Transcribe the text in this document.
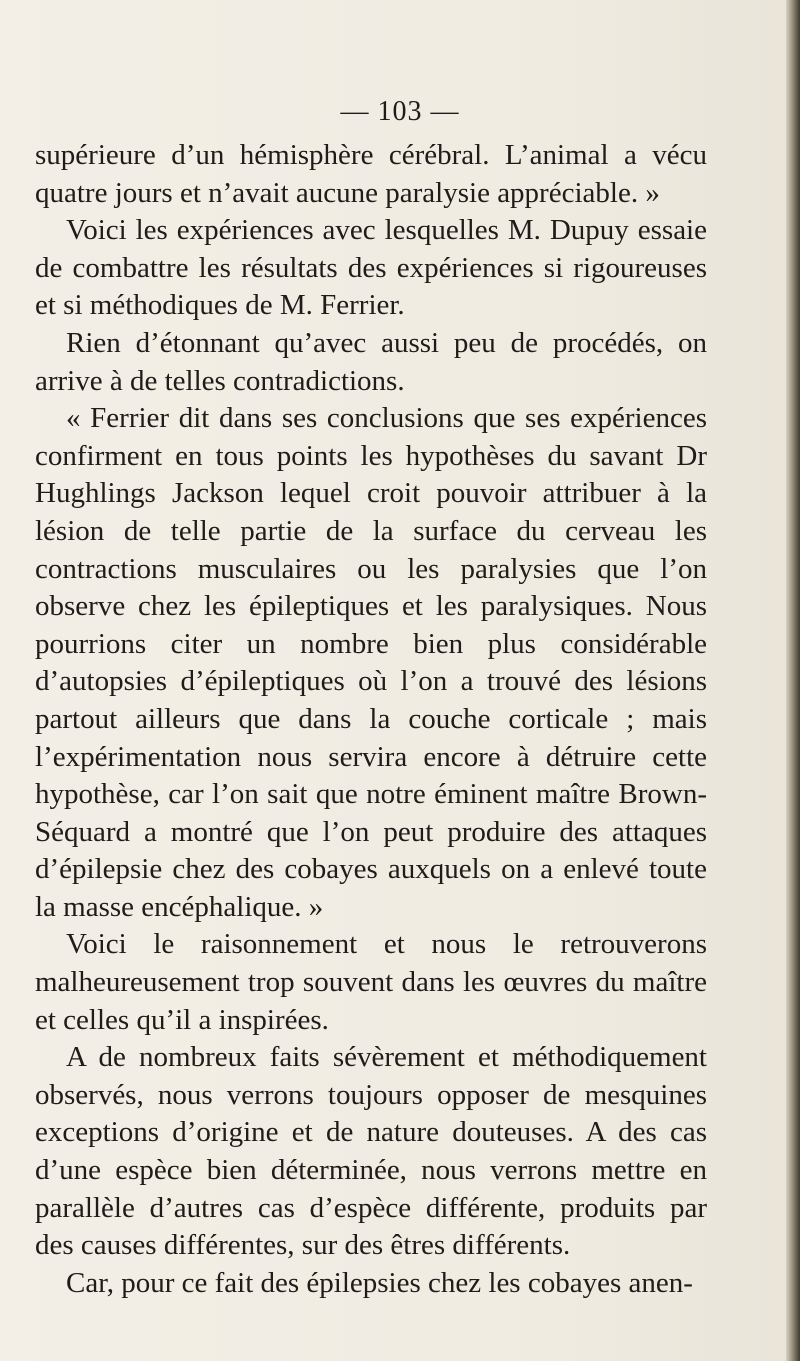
— 103 —

supérieure d’un hémisphère cérébral. L’animal a vécu quatre jours et n’avait aucune paralysie appréciable. »

Voici les expériences avec lesquelles M. Dupuy essaie de combattre les résultats des expériences si rigoureuses et si méthodiques de M. Ferrier.

Rien d’étonnant qu’avec aussi peu de procédés, on arrive à de telles contradictions.

« Ferrier dit dans ses conclusions que ses expériences confirment en tous points les hypothèses du savant Dr Hughlings Jackson lequel croit pouvoir attribuer à la lésion de telle partie de la surface du cerveau les contractions musculaires ou les paralysies que l’on observe chez les épileptiques et les paralysiques. Nous pourrions citer un nombre bien plus considérable d’autopsies d’épileptiques où l’on a trouvé des lésions partout ailleurs que dans la couche corticale ; mais l’expérimentation nous servira encore à détruire cette hypothèse, car l’on sait que notre éminent maître Brown-Séquard a montré que l’on peut produire des attaques d’épilepsie chez des cobayes auxquels on a enlevé toute la masse encéphalique. »

Voici le raisonnement et nous le retrouverons malheureusement trop souvent dans les œuvres du maître et celles qu’il a inspirées.

A de nombreux faits sévèrement et méthodiquement observés, nous verrons toujours opposer de mesquines exceptions d’origine et de nature douteuses. A des cas d’une espèce bien déterminée, nous verrons mettre en parallèle d’autres cas d’espèce différente, produits par des causes différentes, sur des êtres différents.

Car, pour ce fait des épilepsies chez les cobayes anen-
